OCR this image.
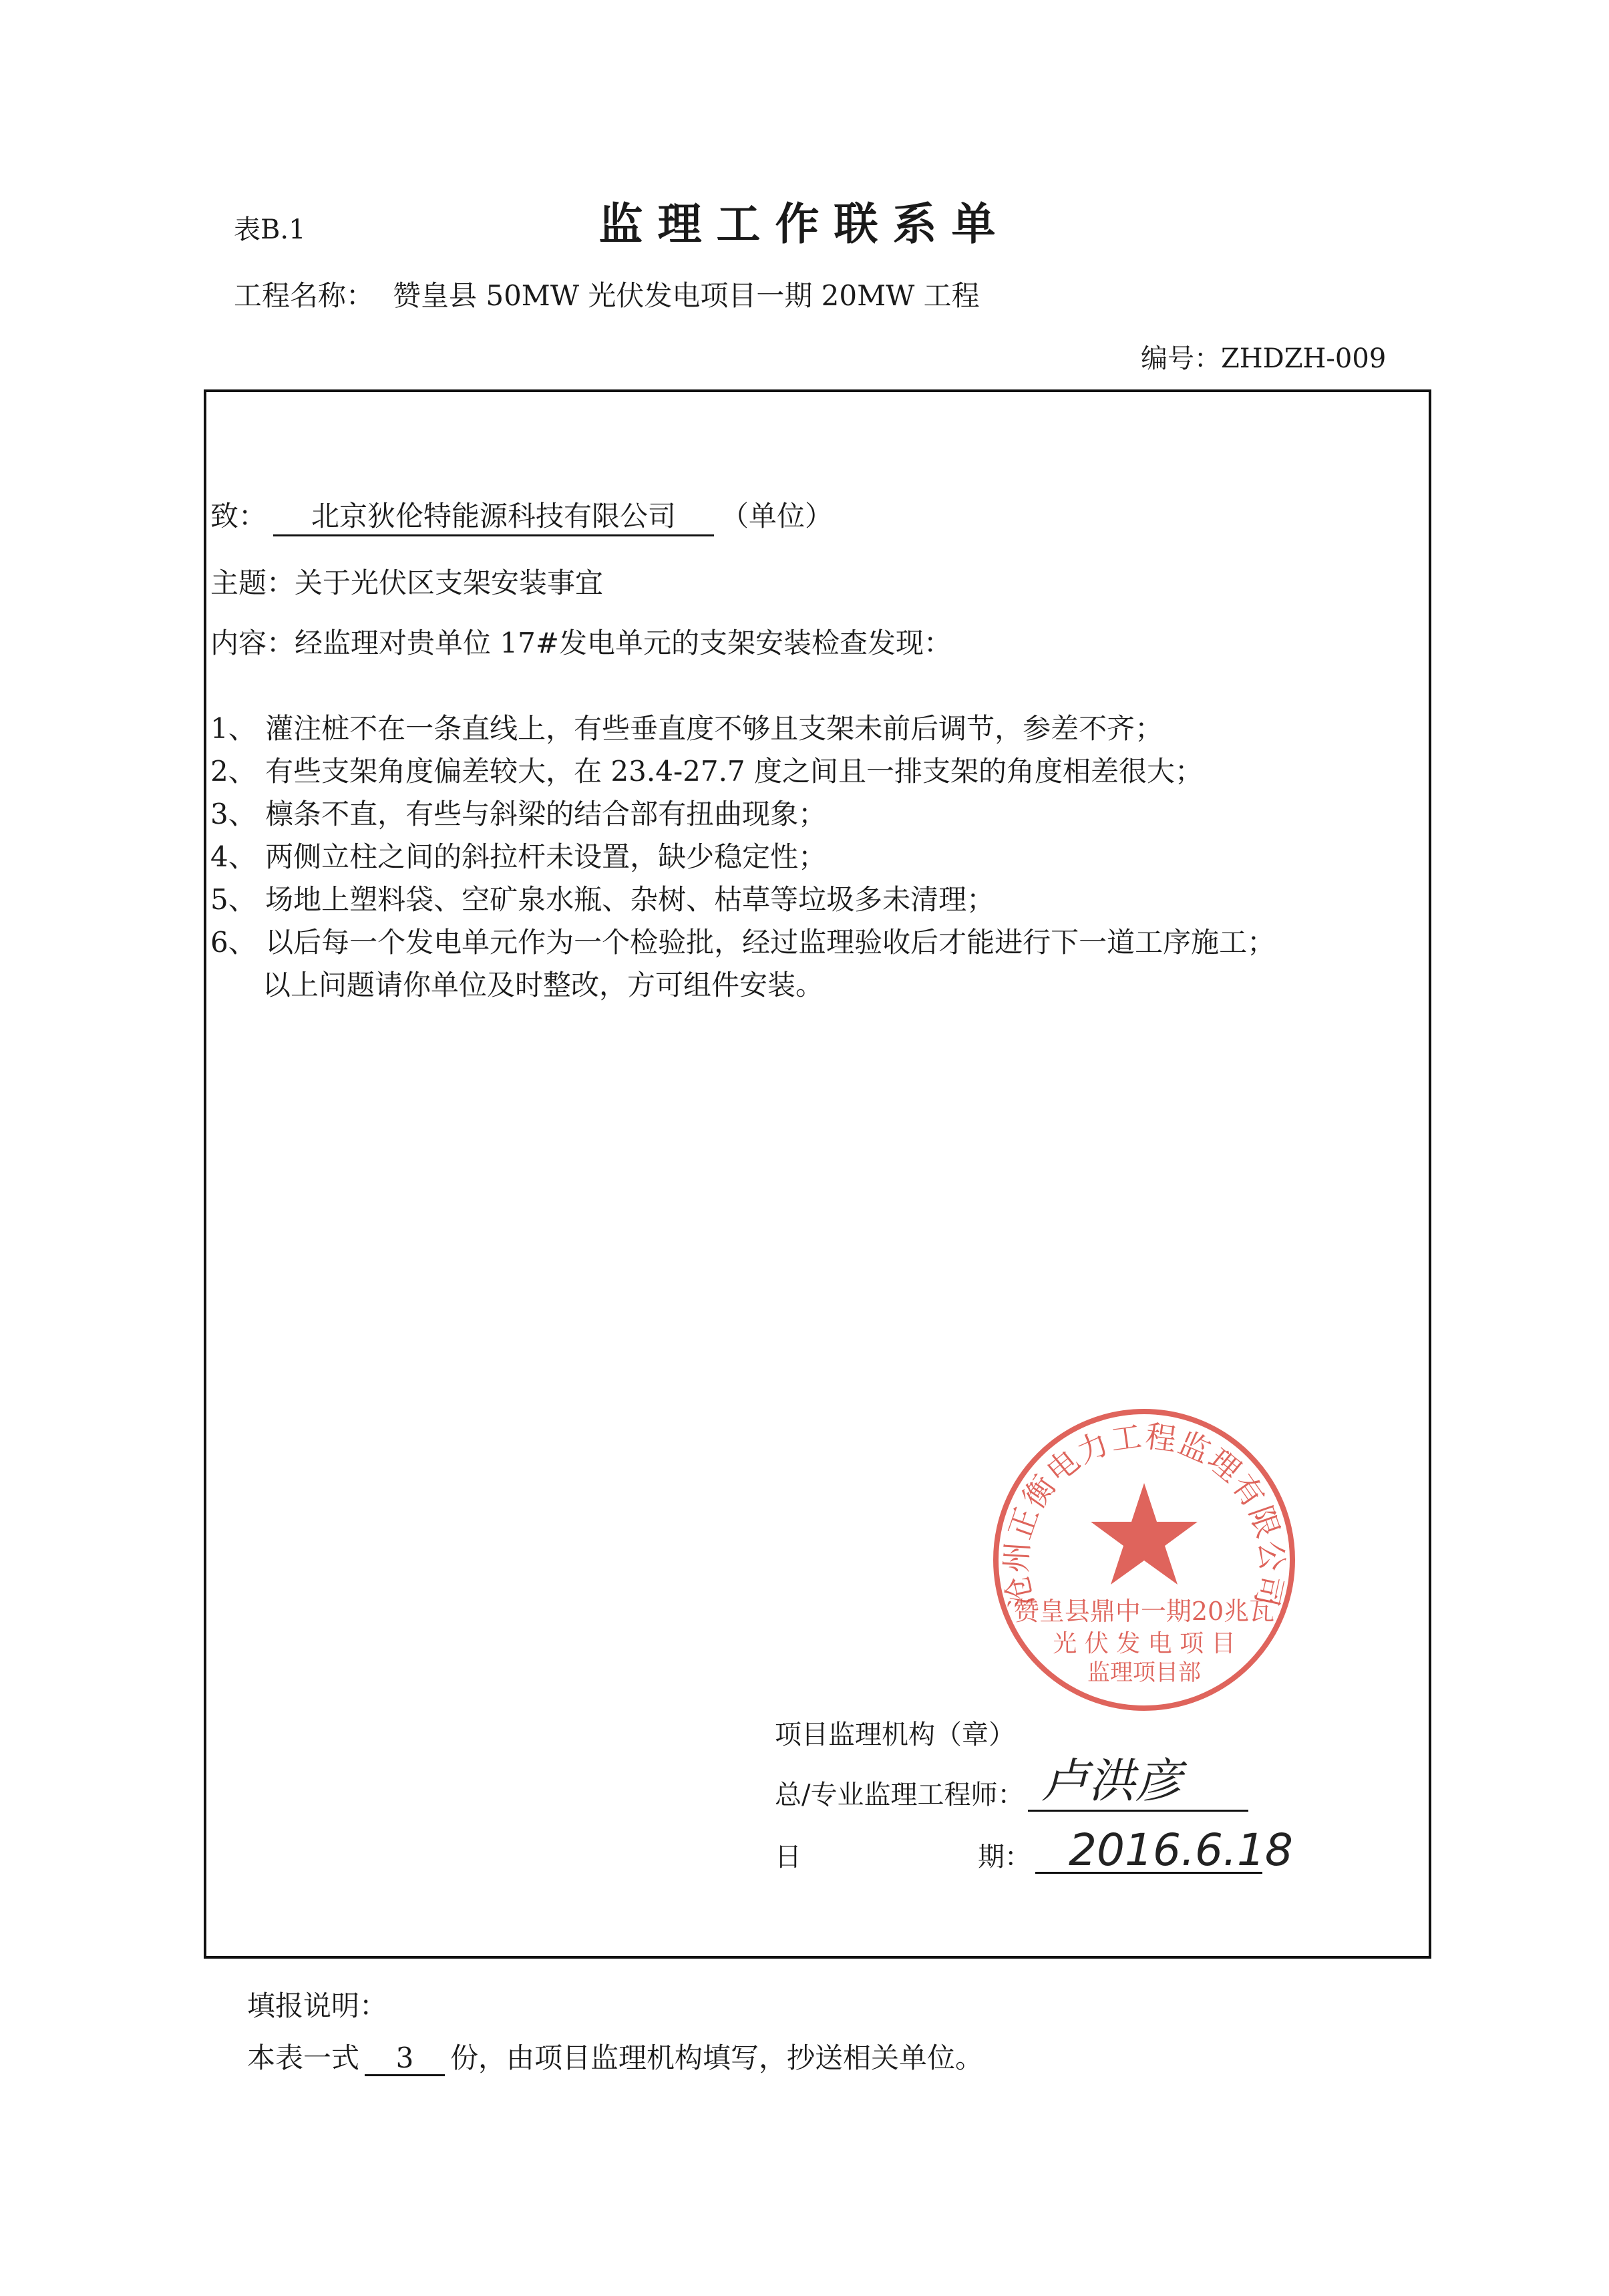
表B.1	监理工作联系单
工程名称： 赞皇县 50MW 光伏发电项目一期 20MW 工程
编号：ZHDZH-009
致： 北京狄伦特能源科技有限公司 （单位）
主题：关于光伏区支架安装事宜
内容：经监理对贵单位 17#发电单元的支架安装检查发现：
1、 灌注桩不在一条直线上，有些垂直度不够且支架未前后调节，参差不齐；
2、 有些支架角度偏差较大，在 23.4-27.7 度之间且一排支架的角度相差很大；
3、 檩条不直，有些与斜梁的结合部有扭曲现象；
4、 两侧立柱之间的斜拉杆未设置，缺少稳定性；
5、 场地上塑料袋、空矿泉水瓶、杂树、枯草等垃圾多未清理；
6、 以后每一个发电单元作为一个检验批，经过监理验收后才能进行下一道工序施工；
以上问题请你单位及时整改，方可组件安装。
沧州正衡电力工程监理有限公司
赞皇县鼎中一期20兆瓦
光 伏 发 电 项 目
监理项目部
项目监理机构（章）
总/专业监理工程师： 卢洪彦
日	期： 2016.6.18
填报说明：
本表一式 3 份，由项目监理机构填写，抄送相关单位。
